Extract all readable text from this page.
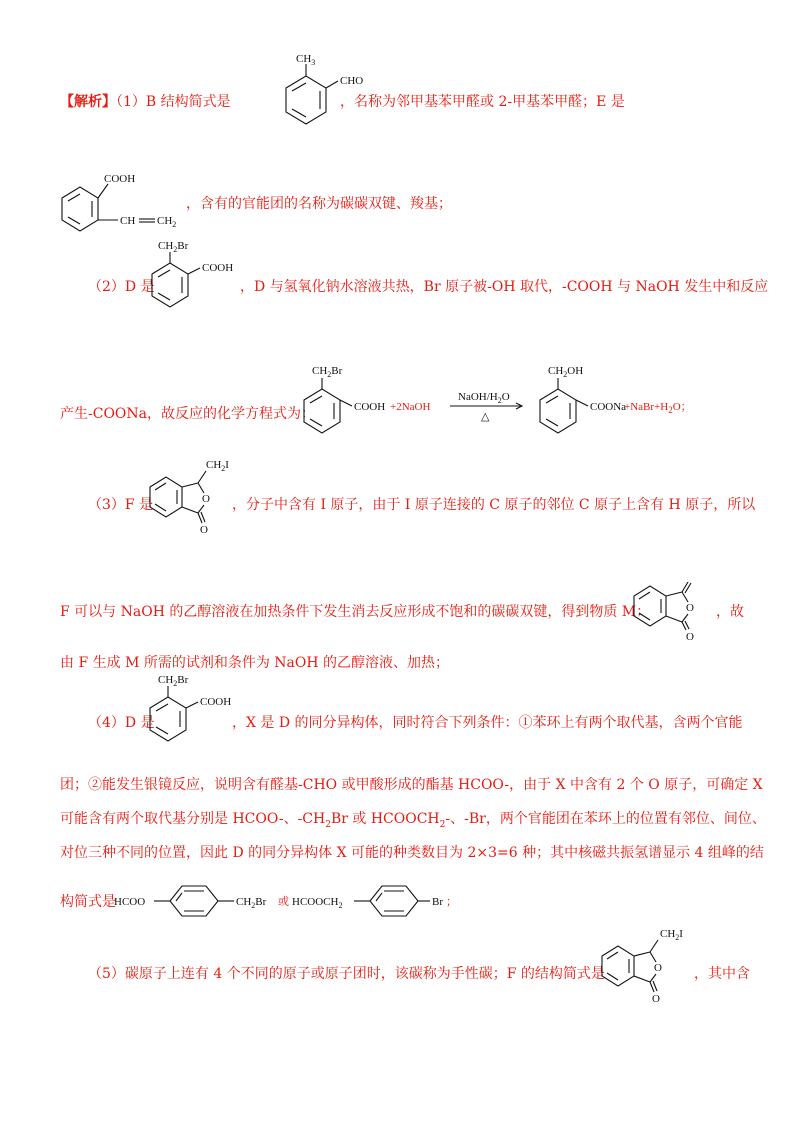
【解析】（1）B 结构简式是
$CH_3$
CHO
，名称为邻甲基苯甲醛或 2-甲基苯甲醛；E 是
COOH
CH $CH_2$
，含有的官能团的名称为碳碳双键、羧基；
（2）D 是
$CH_2Br$
COOH
，D 与氢氧化钠水溶液共热，Br 原子被-OH 取代，-COOH 与 NaOH 发生中和反应
产生-COONa，故反应的化学方程式为：
$CH_2Br$
COOH +2NaOH
NaOH/$H_2O$
△
$CH_2OH$
COONa
$+NaBr+H_2O$；
（3）F 是	O
O
$CH_2I$
，分子中含有 I 原子，由于 I 原子连接的 C 原子的邻位 C 原子上含有 H 原子，所以
F 可以与 NaOH 的乙醇溶液在加热条件下发生消去反应形成不饱和的碳碳双键，得到物质 M：	O
O
，故
由 F 生成 M 所需的试剂和条件为 NaOH 的乙醇溶液、加热；
（4）D 是
$CH_2Br$
COOH
，X 是 D 的同分异构体，同时符合下列条件：①苯环上有两个取代基，含两个官能
团；②能发生银镜反应，说明含有醛基-CHO 或甲酸形成的酯基 HCOO-，由于 X 中含有 2 个 O 原子，可确定 X
可能含有两个取代基分别是 HCOO-、$-CH_2Br$ 或 $HCOOCH_2-$、-Br，两个官能团在苯环上的位置有邻位、间位、
对位三种不同的位置，因此 D 的同分异构体 X 可能的种类数目为 2×3=6 种；其中核磁共振氢谱显示 4 组峰的结
构简式是
HCOO	$CH_2Br$ 或 $HCOOCH_2$	Br ；
（5）碳原子上连有 4 个不同的原子或原子团时，该碳称为手性碳；F 的结构简式是	O
O
$CH_2I$
，其中含
